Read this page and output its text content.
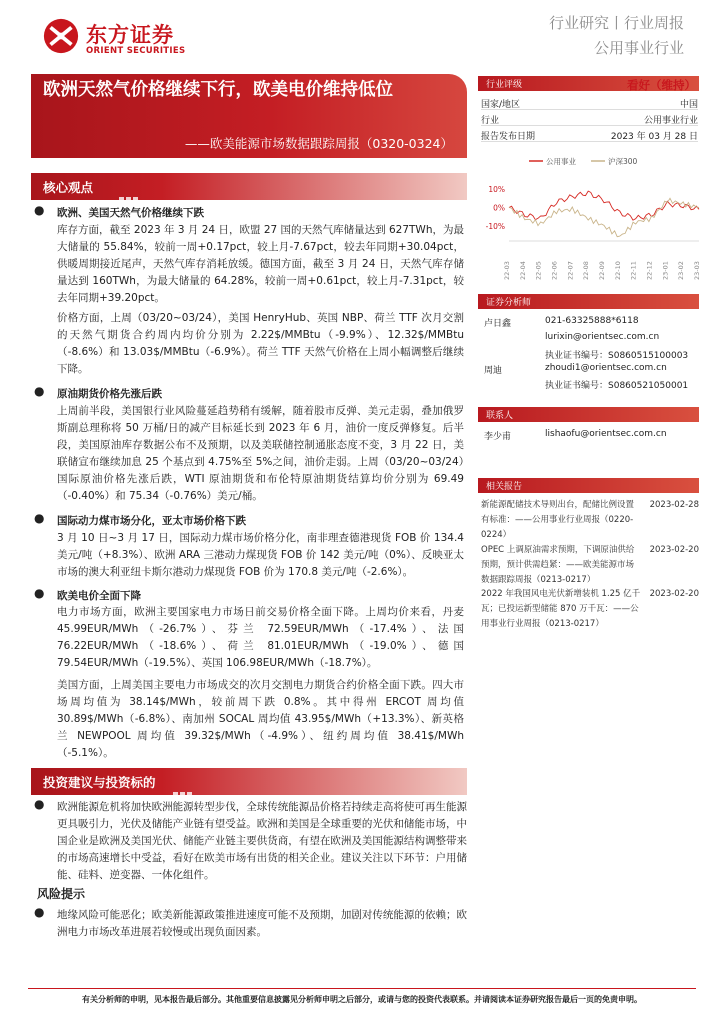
东方证券
ORIENT SECURITIES
行业研究丨行业周报
公用事业行业
欧洲天然气价格继续下行，欧美电价维持低位
——欧美能源市场数据跟踪周报（0320-0324）
核心观点
● 欧洲、美国天然气价格继续下跌
库存方面，截至 2023 年 3 月 24 日，欧盟 27 国的天然气库储量达到 627TWh，为最大储量的 55.84%，较前一周+0.17pct，较上月-7.67pct，较去年同期+30.04pct，供暖周期接近尾声，天然气库存消耗放缓。德国方面，截至 3 月 24 日，天然气库存储量达到 160TWh，为最大储量的 64.28%，较前一周+0.61pct，较上月-7.31pct，较去年同期+39.20pct。
价格方面，上周（03/20~03/24），美国 HenryHub、英国 NBP、荷兰 TTF 次月交割的天然气期货合约周内均价分别为 2.22$/MMBtu（-9.9%）、12.32$/MMBtu（-8.6%）和 13.03$/MMBtu（-6.9%）。荷兰 TTF 天然气价格在上周小幅调整后继续下降。
● 原油期货价格先涨后跌
上周前半段，美国银行业风险蔓延趋势稍有缓解，随着股市反弹、美元走弱，叠加俄罗斯副总理称将 50 万桶/日的减产目标延长到 2023 年 6 月，油价一度反弹修复。后半段，美国原油库存数据公布不及预期，以及美联储控制通胀态度不变，3 月 22 日，美联储宣布继续加息 25 个基点到 4.75%至 5%之间，油价走弱。上周（03/20~03/24）国际原油价格先涨后跌，WTI 原油期货和布伦特原油期货结算均价分别为 69.49（-0.40%）和 75.34（-0.76%）美元/桶。
● 国际动力煤市场分化，亚太市场价格下跌
3 月 10 日~3 月 17 日，国际动力煤市场价格分化，南非理查德港现货 FOB 价 134.4 美元/吨（+8.3%）、欧洲 ARA 三港动力煤现货 FOB 价 142 美元/吨（0%）、反映亚太市场的澳大利亚纽卡斯尔港动力煤现货 FOB 价为 170.8 美元/吨（-2.6%）。
● 欧美电价全面下降
电力市场方面，欧洲主要国家电力市场日前交易价格全面下降。上周均价来看，丹麦 45.99EUR/MWh（-26.7%）、芬兰 72.59EUR/MWh（-17.4%）、法国 76.22EUR/MWh（-18.6%）、荷兰 81.01EUR/MWh（-19.0%）、德国 79.54EUR/MWh（-19.5%）、英国 106.98EUR/MWh（-18.7%）。
美国方面，上周美国主要电力市场成交的次月交割电力期货合约价格全面下跌。四大市场周均值为 38.14$/MWh，较前周下跌 0.8%。其中得州 ERCOT 周均值 30.89$/MWh（-6.8%）、南加州 SOCAL 周均值 43.95$/MWh（+13.3%）、新英格兰 NEWPOOL 周均值 39.32$/MWh（-4.9%）、纽约周均值 38.41$/MWh（-5.1%）。
投资建议与投资标的
● 欧洲能源危机将加快欧洲能源转型步伐，全球传统能源品价格若持续走高将使可再生能源更具吸引力，光伏及储能产业链有望受益。欧洲和美国是全球重要的光伏和储能市场，中国企业是欧洲及美国光伏、储能产业链主要供货商，有望在欧洲及美国能源结构调整带来的市场高速增长中受益，看好在欧美市场有出货的相关企业。建议关注以下环节：户用储能、硅料、逆变器、一体化组件。
风险提示
● 地缘风险可能恶化；欧美新能源政策推进速度可能不及预期，加剧对传统能源的依赖；欧洲电力市场改革进展若较慢或出现负面因素。
行业评级	看好（维持）
国家/地区	中国
行业	公用事业行业
报告发布日期	2023 年 03 月 28 日
公用事业	沪深300
10%
0%
-10%
22-03 22-04 22-05 22-06 22-07 22-08 22-09 22-10 22-11 22-12 23-01 23-02 23-03
证券分析师
卢日鑫	021-63325888*6118
lurixin@orientsec.com.cn
执业证书编号：S0860515100003
周迪	zhoudi1@orientsec.com.cn
执业证书编号：S0860521050001
联系人
李少甫	lishaofu@orientsec.com.cn
相关报告
新能源配储技术导则出台，配储比例设置有标准：——公用事业行业周报（0220-0224）
2023-02-28
OPEC 上调原油需求预期，下调原油供给预期，预计供需趋紧：——欧美能源市场数据跟踪周报（0213-0217）
2023-02-20
2022 年我国风电光伏新增装机 1.25 亿千瓦；已投运新型储能 870 万千瓦：——公用事业行业周报（0213-0217）
2023-02-20
有关分析师的申明，见本报告最后部分。其他重要信息披露见分析师申明之后部分，或请与您的投资代表联系。并请阅读本证券研究报告最后一页的免责申明。
